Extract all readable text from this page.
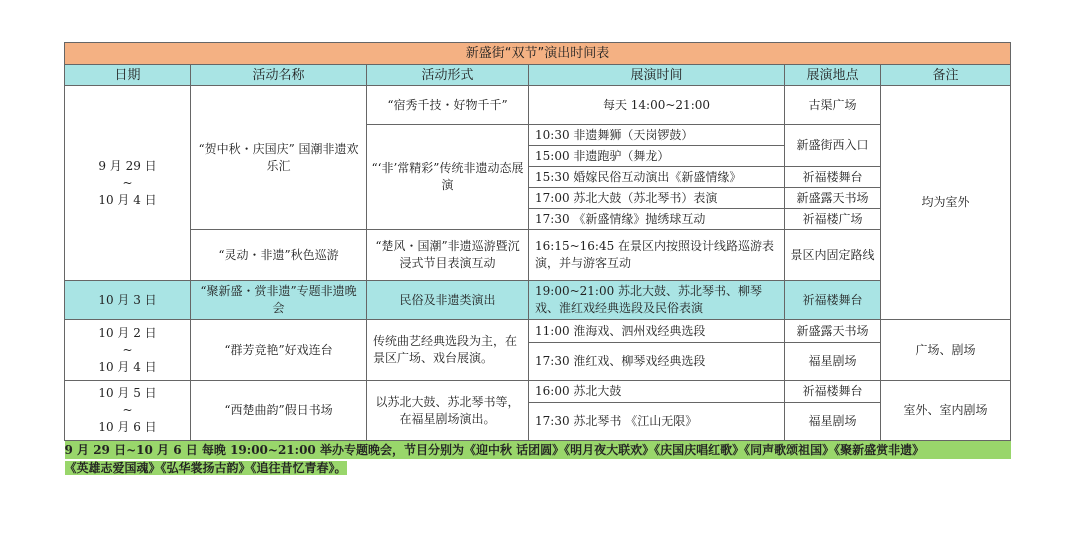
新盛街“双节”演出时间表					
日期	活动名称	活动形式	展演时间	展演地点	备注

9 月 29 日
~
10 月 4 日	“贺中秋・庆国庆” 国潮非遗欢乐汇	“宿秀千技・好物千千”	每天 14:00~21:00	古渠广场	均为室外
		“‘非’常精彩”传统非遗动态展演	10:30 非遗舞狮（天岗锣鼓）	新盛街西入口	
			15:00 非遗跑驴（舞龙）		
			15:30 婚嫁民俗互动演出《新盛情缘》	祈福楼舞台	
			17:00 苏北大鼓（苏北琴书）表演	新盛露天书场	
			17:30 《新盛情缘》抛绣球互动	祈福楼广场	
	“灵动・非遗”秋色巡游	“楚风・国潮”非遗巡游暨沉浸式节目表演互动	16:15~16:45 在景区内按照设计线路巡游表演，并与游客互动	景区内固定路线	
10 月 3 日	“聚新盛・赏非遗”专题非遗晚会	民俗及非遗类演出	19:00~21:00 苏北大鼓、苏北琴书、柳琴戏、淮红戏经典选段及民俗表演	祈福楼舞台	

10 月 2 日
~
10 月 4 日	“群芳竞艳”好戏连台	传统曲艺经典选段为主，在景区广场、戏台展演。	11:00 淮海戏、泗州戏经典选段	新盛露天书场	广场、剧场
			17:30 淮红戏、柳琴戏经典选段	福星剧场	

10 月 5 日
~
10 月 6 日	“西楚曲韵”假日书场	以苏北大鼓、苏北琴书等，在福星剧场演出。	16:00 苏北大鼓	祈福楼舞台	室外、室内剧场
			17:30 苏北琴书 《江山无限》	福星剧场	

9 月 29 日~10 月 6 日 每晚 19:00~21:00 举办专题晚会，节目分别为《迎中秋 话团圆》《明月夜大联欢》《庆国庆唱红歌》《同声歌颂祖国》《聚新盛赏非遗》
《英雄志爱国魂》《弘华裳扬古韵》《追往昔忆青春》。					
